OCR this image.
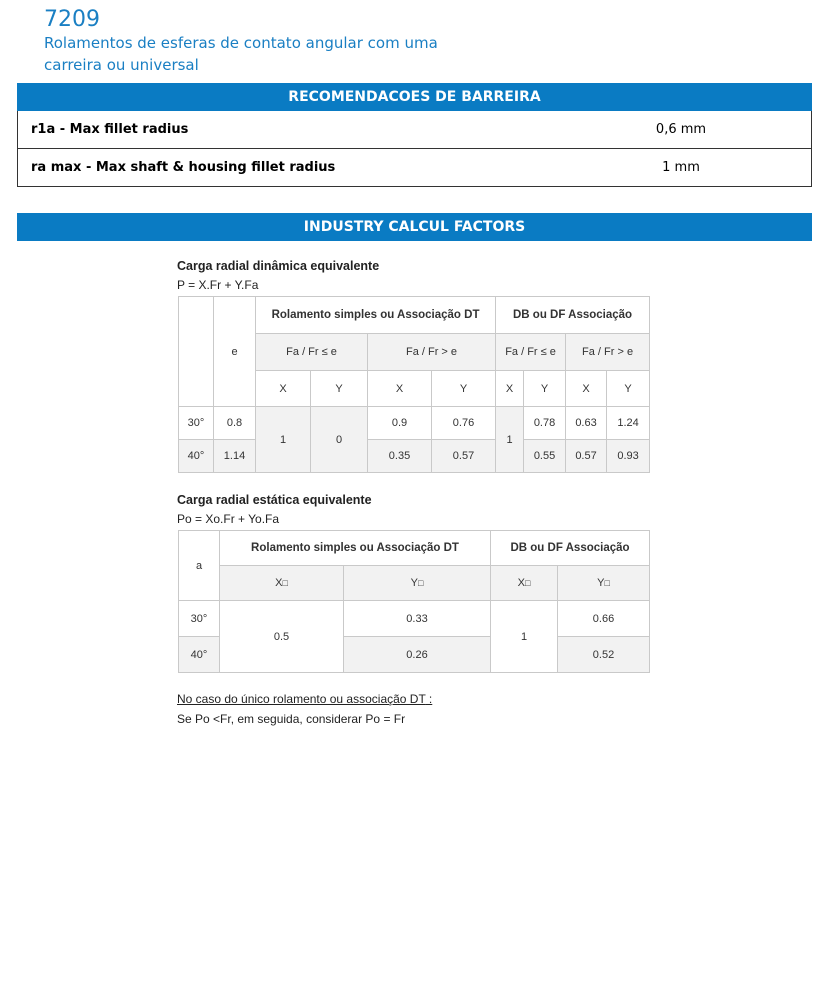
7209
Rolamentos de esferas de contato angular com uma carreira ou universal
RECOMENDACOES DE BARREIRA
r1a - Max fillet radius	0,6 mm
ra max - Max shaft & housing fillet radius	1 mm
INDUSTRY CALCUL FACTORS
Carga radial dinâmica equivalente
P = X.Fr + Y.Fa
	e	Rolamento simples ou Associação DT				DB ou DF Associação			
		Fa / Fr ≤ e		Fa / Fr > e		Fa / Fr ≤ e		Fa / Fr > e	
		X	Y	X	Y	X	Y	X	Y
30°	0.8	1	0	0.9	0.76	1	0.78	0.63	1.24
40°	1.14			0.35	0.57		0.55	0.57	0.93
Carga radial estática equivalente
Po = Xo.Fr + Yo.Fa
a	Rolamento simples ou Associação DT		DB ou DF Associação	
	X□	Y□	X□	Y□
30°	0.5	0.33	1	0.66
40°		0.26		0.52
No caso do único rolamento ou associação DT :
Se Po <Fr, em seguida, considerar Po = Fr
